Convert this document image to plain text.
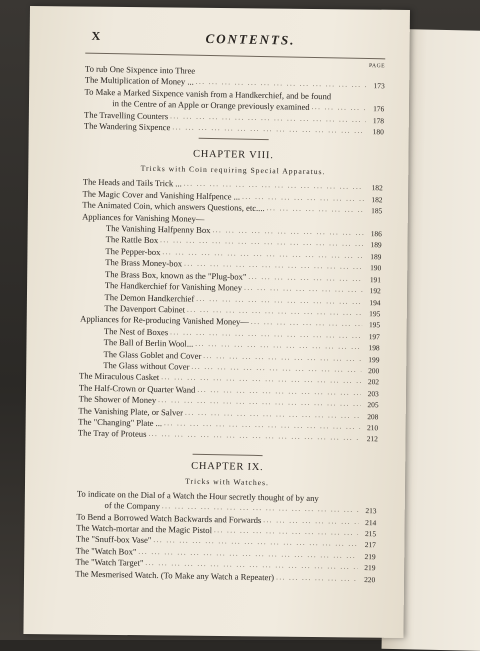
X	CONTENTS.
PAGE
To rub One Sixpence into Three
The Multiplication of Money ... ... .	173
To Make a Marked Sixpence vanish from a Handkerchief, and be found
in the Centre of an Apple or Orange previously examined ... .	176
The Travelling Counters ... .	178
The Wandering Sixpence ... .	180
CHAPTER VIII.
Tricks with Coin requiring Special Apparatus.
The Heads and Tails Trick ... ... .	182
The Magic Cover and Vanishing Halfpence ... ... .	182
The Animated Coin, which answers Questions, etc.... ... .	185
Appliances for Vanishing Money—
The Vanishing Halfpenny Box ... .	186
The Rattle Box ... .	189
The Pepper-box ... .	189
The Brass Money-box ... .	190
The Brass Box, known as the "Plug-box" ... .	191
The Handkerchief for Vanishing Money ... .	192
The Demon Handkerchief ... .	194
The Davenport Cabinet ... .	195
Appliances for Re-producing Vanished Money— ... .	195
The Nest of Boxes ... .	197
The Ball of Berlin Wool... ... .	198
The Glass Goblet and Cover ... .	199
The Glass without Cover ... .	200
The Miraculous Casket ... .	202
The Half-Crown or Quarter Wand ... .	203
The Shower of Money ... .	205
The Vanishing Plate, or Salver ... .	208
The "Changing" Plate ... ... .	210
The Tray of Proteus ... .	212
CHAPTER IX.
Tricks with Watches.
To indicate on the Dial of a Watch the Hour secretly thought of by any
of the Company ... .	213
To Bend a Borrowed Watch Backwards and Forwards ... .	214
The Watch-mortar and the Magic Pistol ... .	215
The "Snuff-box Vase" ... .	217
The "Watch Box" ... .	219
The "Watch Target" ... .	219
The Mesmerised Watch. (To Make any Watch a Repeater) ... .	220
